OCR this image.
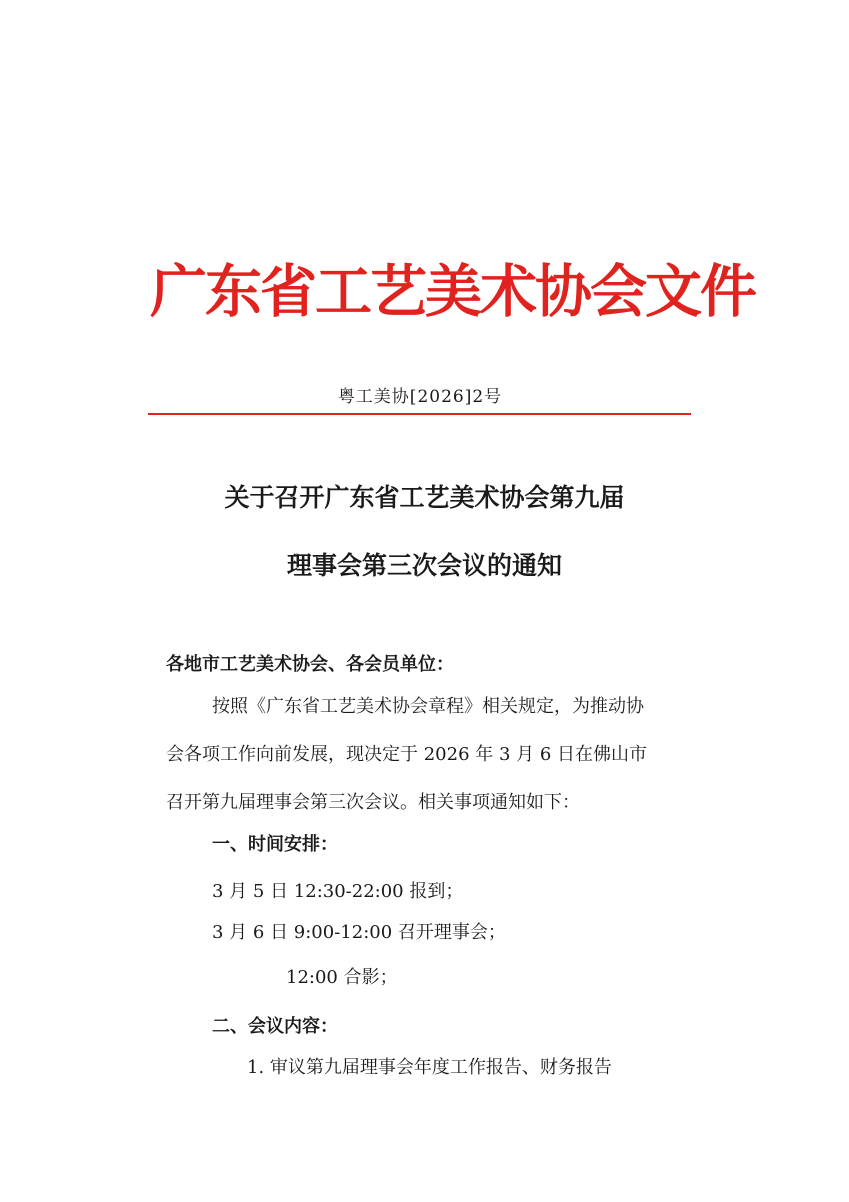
广东省工艺美术协会文件
粤工美协[2026]2号
关于召开广东省工艺美术协会第九届
理事会第三次会议的通知
各地市工艺美术协会、各会员单位：
按照《广东省工艺美术协会章程》相关规定，为推动协
会各项工作向前发展，现决定于 2026 年 3 月 6 日在佛山市
召开第九届理事会第三次会议。相关事项通知如下：
一、时间安排：
3 月 5 日 12:30-22:00 报到；
3 月 6 日 9:00-12:00 召开理事会；
12:00 合影；
二、会议内容：
1. 审议第九届理事会年度工作报告、财务报告
